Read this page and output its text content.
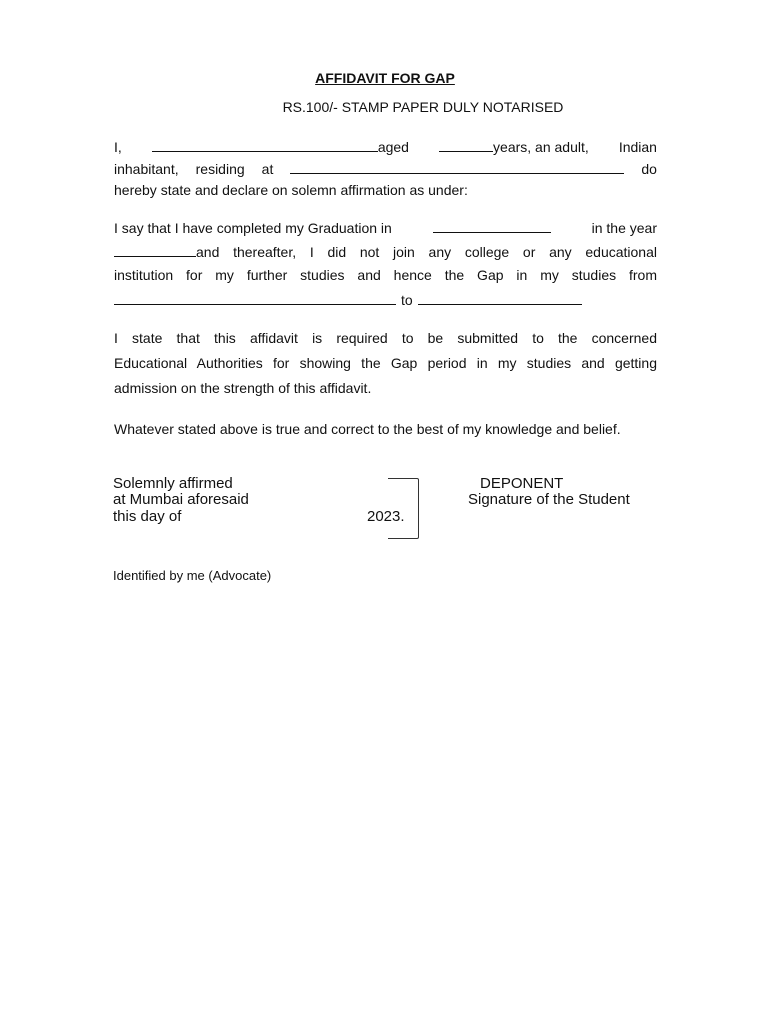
AFFIDAVIT FOR GAP
RS.100/- STAMP PAPER DULY NOTARISED
I,	aged	years, an adult, Indian
inhabitant, residing at	do
hereby state and declare on solemn affirmation as under:
I say that I have completed my Graduation in	in the year
and thereafter, I did not join any college or any educational
institution for my further studies and hence the Gap in my studies from
to
I state that this affidavit is required to be submitted to the concerned
Educational Authorities for showing the Gap period in my studies and getting
admission on the strength of this affidavit.
Whatever stated above is true and correct to the best of my knowledge and belief.
Solemnly affirmed
at Mumbai aforesaid
this day of	2023.
DEPONENT
Signature of the Student
Identified by me (Advocate)
